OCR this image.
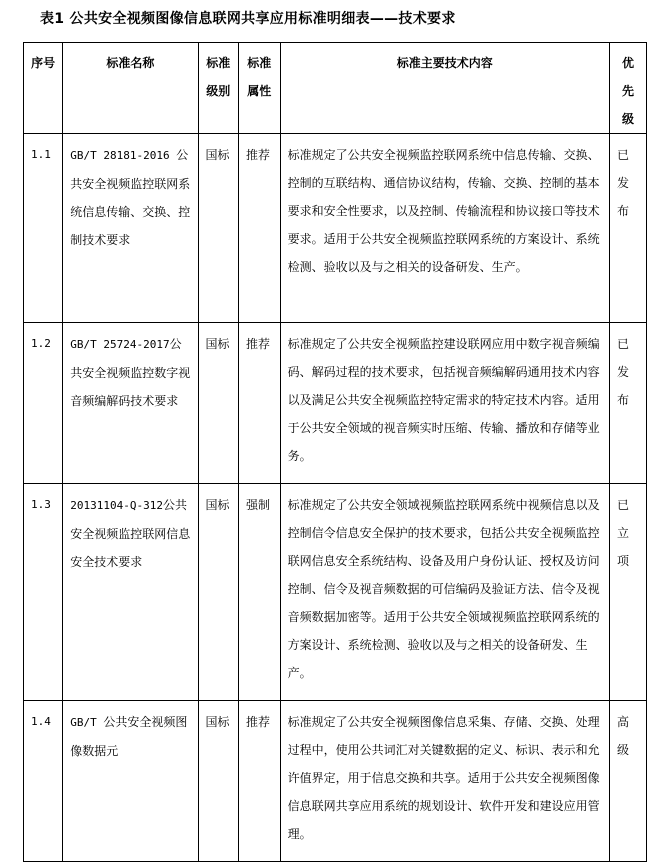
表1 公共安全视频图像信息联网共享应用标准明细表——技术要求
序号	标准名称	标准级别	标准属性	标准主要技术内容	优先级
1.1	GB/T 28181-2016 公共安全视频监控联网系统信息传输、交换、控制技术要求	国标	推荐	标准规定了公共安全视频监控联网系统中信息传输、交换、控制的互联结构、通信协议结构，传输、交换、控制的基本要求和安全性要求，以及控制、传输流程和协议接口等技术要求。适用于公共安全视频监控联网系统的方案设计、系统检测、验收以及与之相关的设备研发、生产。	已发布
1.2	GB/T 25724-2017公共安全视频监控数字视音频编解码技术要求	国标	推荐	标准规定了公共安全视频监控建设联网应用中数字视音频编码、解码过程的技术要求，包括视音频编解码通用技术内容以及满足公共安全视频监控特定需求的特定技术内容。适用于公共安全领域的视音频实时压缩、传输、播放和存储等业务。	已发布
1.3	20131104-Q-312公共安全视频监控联网信息安全技术要求	国标	强制	标准规定了公共安全领域视频监控联网系统中视频信息以及控制信令信息安全保护的技术要求，包括公共安全视频监控联网信息安全系统结构、设备及用户身份认证、授权及访问控制、信令及视音频数据的可信编码及验证方法、信令及视音频数据加密等。适用于公共安全领域视频监控联网系统的方案设计、系统检测、验收以及与之相关的设备研发、生产。	已立项
1.4	GB/T 公共安全视频图像数据元	国标	推荐	标准规定了公共安全视频图像信息采集、存储、交换、处理过程中，使用公共词汇对关键数据的定义、标识、表示和允许值界定，用于信息交换和共享。适用于公共安全视频图像信息联网共享应用系统的规划设计、软件开发和建设应用管理。	高级
